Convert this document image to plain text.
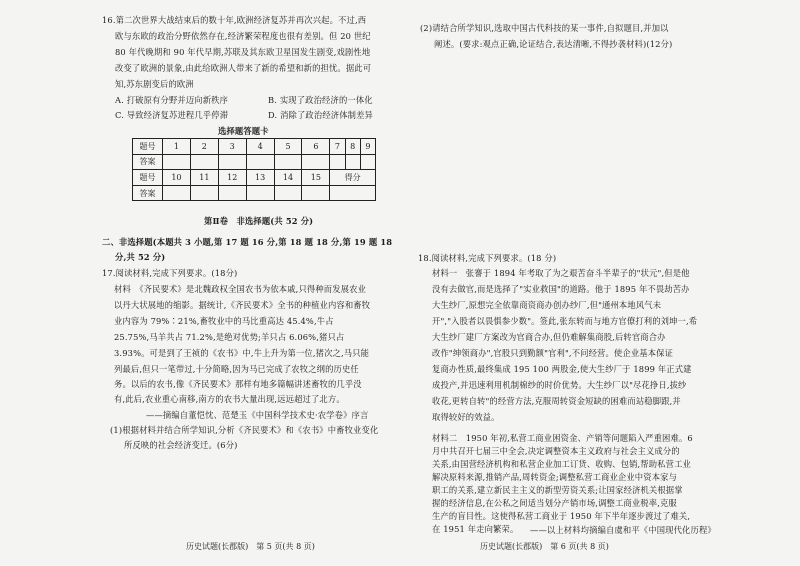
16.第二次世界大战结束后的数十年,欧洲经济复苏并再次兴起。不过,西
欧与东欧的政治分野依然存在,经济繁荣程度也很有差别。但 20 世纪
80 年代晚期和 90 年代早期,苏联及其东欧卫星国发生剧变,戏剧性地
改变了欧洲的景象,由此给欧洲人带来了新的希望和新的担忧。据此可
知,苏东剧变后的欧洲
A. 打破原有分野并迈向新秩序	B. 实现了政治经济的一体化
C. 导致经济复苏进程几乎停滞	D. 消除了政治经济体制差异
选择题答题卡
题号	1	2	3	4	5	6	7	8	9
答案									
题号	10	11	12	13	14	15	得分		
答案									
第Ⅱ卷　非选择题(共 52 分)
二、非选择题(本题共 3 小题,第 17 题 16 分,第 18 题 18 分,第 19 题 18
分,共 52 分)
17.阅读材料,完成下列要求。(18分)
材料　《齐民要术》是北魏政权全国农书为依本戚,只得种而发展农业
以丹大状展地的缩影。据统计,《齐民要术》全书的种植业内容和畜牧
业内容为 79%∶21%,畜牧业中的马比重高达 45.4%,牛占
25.75%,马羊共占 71.2%,是绝对优势;羊只占 6.06%,猪只占
3.93%。可是到了王祯的《农书》中,牛上升为第一位,猪次之,马只能
列最后,但只一笔带过,十分简略,因为马已完成了农牧之纲的历史任
务。以后的农书,像《齐民要术》那样有地多篇幅讲述畜牧的几乎没
有,此后,农业重心南移,南方的农书大量出现,远远超过了北方。
——摘编自董恺忱、范楚玉《中国科学技术史·农学卷》序言
(1)根据材料并结合所学知识,分析《齐民要术》和《农书》中畜牧业变化
所反映的社会经济变迁。(6分)
历史试题(长郡版)　第 5 页(共 8 页)
(2)请结合所学知识,选取中国古代科技的某一事件,自拟题目,并加以
阐述。(要求:观点正确,论证结合,表达清晰,不得抄袭材料)(12分)
18.阅读材料,完成下列要求。(18 分)
材料一　张謇于 1894 年考取了为之艰苦奋斗半辈子的"状元",但是他
没有去做官,而是选择了"实业救国"的道路。他于 1895 年不畏劫苦办
大生纱厂,原想完全依靠商资商办创办纱厂,但"通州本地风气未
开","入股者以畏惧参少数"。签此,张东转而与地方官僚打利的刘坤一,希
大生纱厂建厂方案改为官商合办,但仍难解集商股,后转官商合办
改作"绅领商办",官股只到勤额"官利",不问经营。使企业基本保证
复商办性质,最终集成 195 100 两股金,使大生纱厂于 1899 年正式建
成投产,并迅速利用机制棉纱的时价优势。大生纱厂以"尽花挣日,拔纱
收花,更转自转"的经营方法,克服周转资金短缺的困难而站稳脚跟,并
取得较好的效益。
材料二　1950 年初,私营工商业困资金、产销等问题陷入严重困难。6
月中共召开七届三中全会,决定调整资本主义政府与社会主义成分的
关系,由国营经济机构和私营企业加工订货、收购、包销,帮助私营工业
解决原料来源,推销产品,周转资金;调整私营工商业企业中资本家与
职工的关系,建立新民主主义的新型劳资关系;让国家经济机关根据掌
历史试题(长郡版)　第 6 页(共 8 页)
握的经济信息,在公私之间适当划分产销市场,调整工商业税率,克服
生产的盲目性。这使得私营工商业于 1950 年下半年逐步渡过了难关,
在 1951 年走向繁荣。 ——以上材料均摘编自虞和平《中国现代化历程》
